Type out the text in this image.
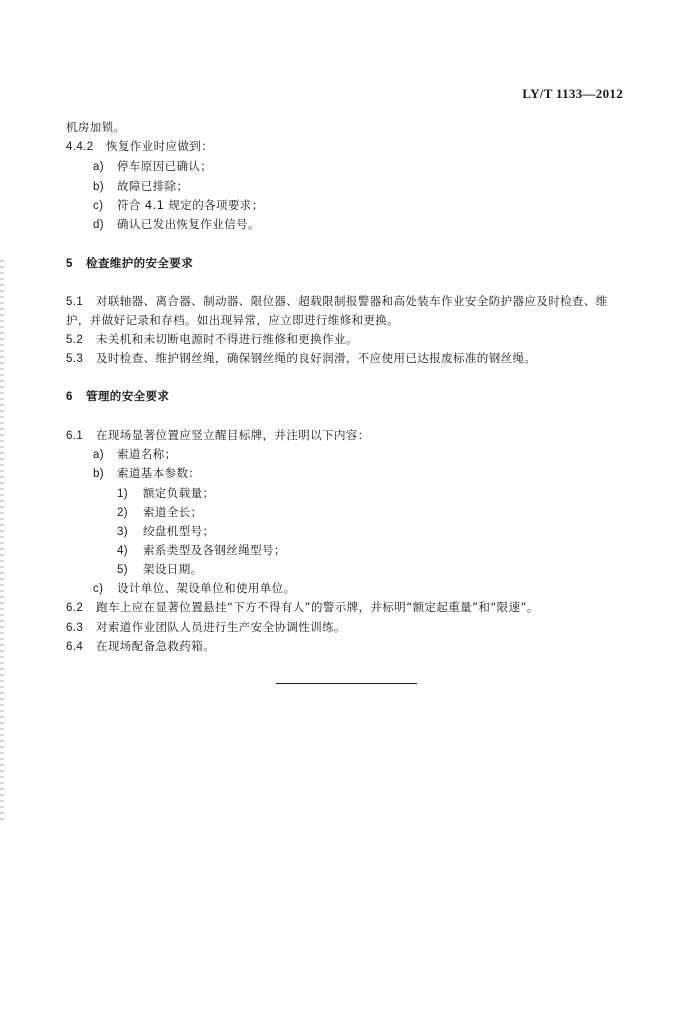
LY/T 1133—2012
机房加锁。
4.4.2 恢复作业时应做到：
a) 停车原因已确认；
b) 故障已排除；
c) 符合 4.1 规定的各项要求；
d) 确认已发出恢复作业信号。
5 检查维护的安全要求
5.1 对联轴器、离合器、制动器、限位器、超载限制报警器和高处装车作业安全防护器应及时检查、维
护，并做好记录和存档。如出现异常，应立即进行维修和更换。
5.2 未关机和未切断电源时不得进行维修和更换作业。
5.3 及时检查、维护钢丝绳，确保钢丝绳的良好润滑，不应使用已达报废标准的钢丝绳。
6 管理的安全要求
6.1 在现场显著位置应竖立醒目标牌，并注明以下内容：
a) 索道名称；
b) 索道基本参数：
1) 额定负载量；
2) 索道全长；
3) 绞盘机型号；
4) 索系类型及各钢丝绳型号；
5) 架设日期。
c) 设计单位、架设单位和使用单位。
6.2 跑车上应在显著位置悬挂“下方不得有人”的警示牌，并标明“额定起重量”和“限速”。
6.3 对索道作业团队人员进行生产安全协调性训练。
6.4 在现场配备急救药箱。
